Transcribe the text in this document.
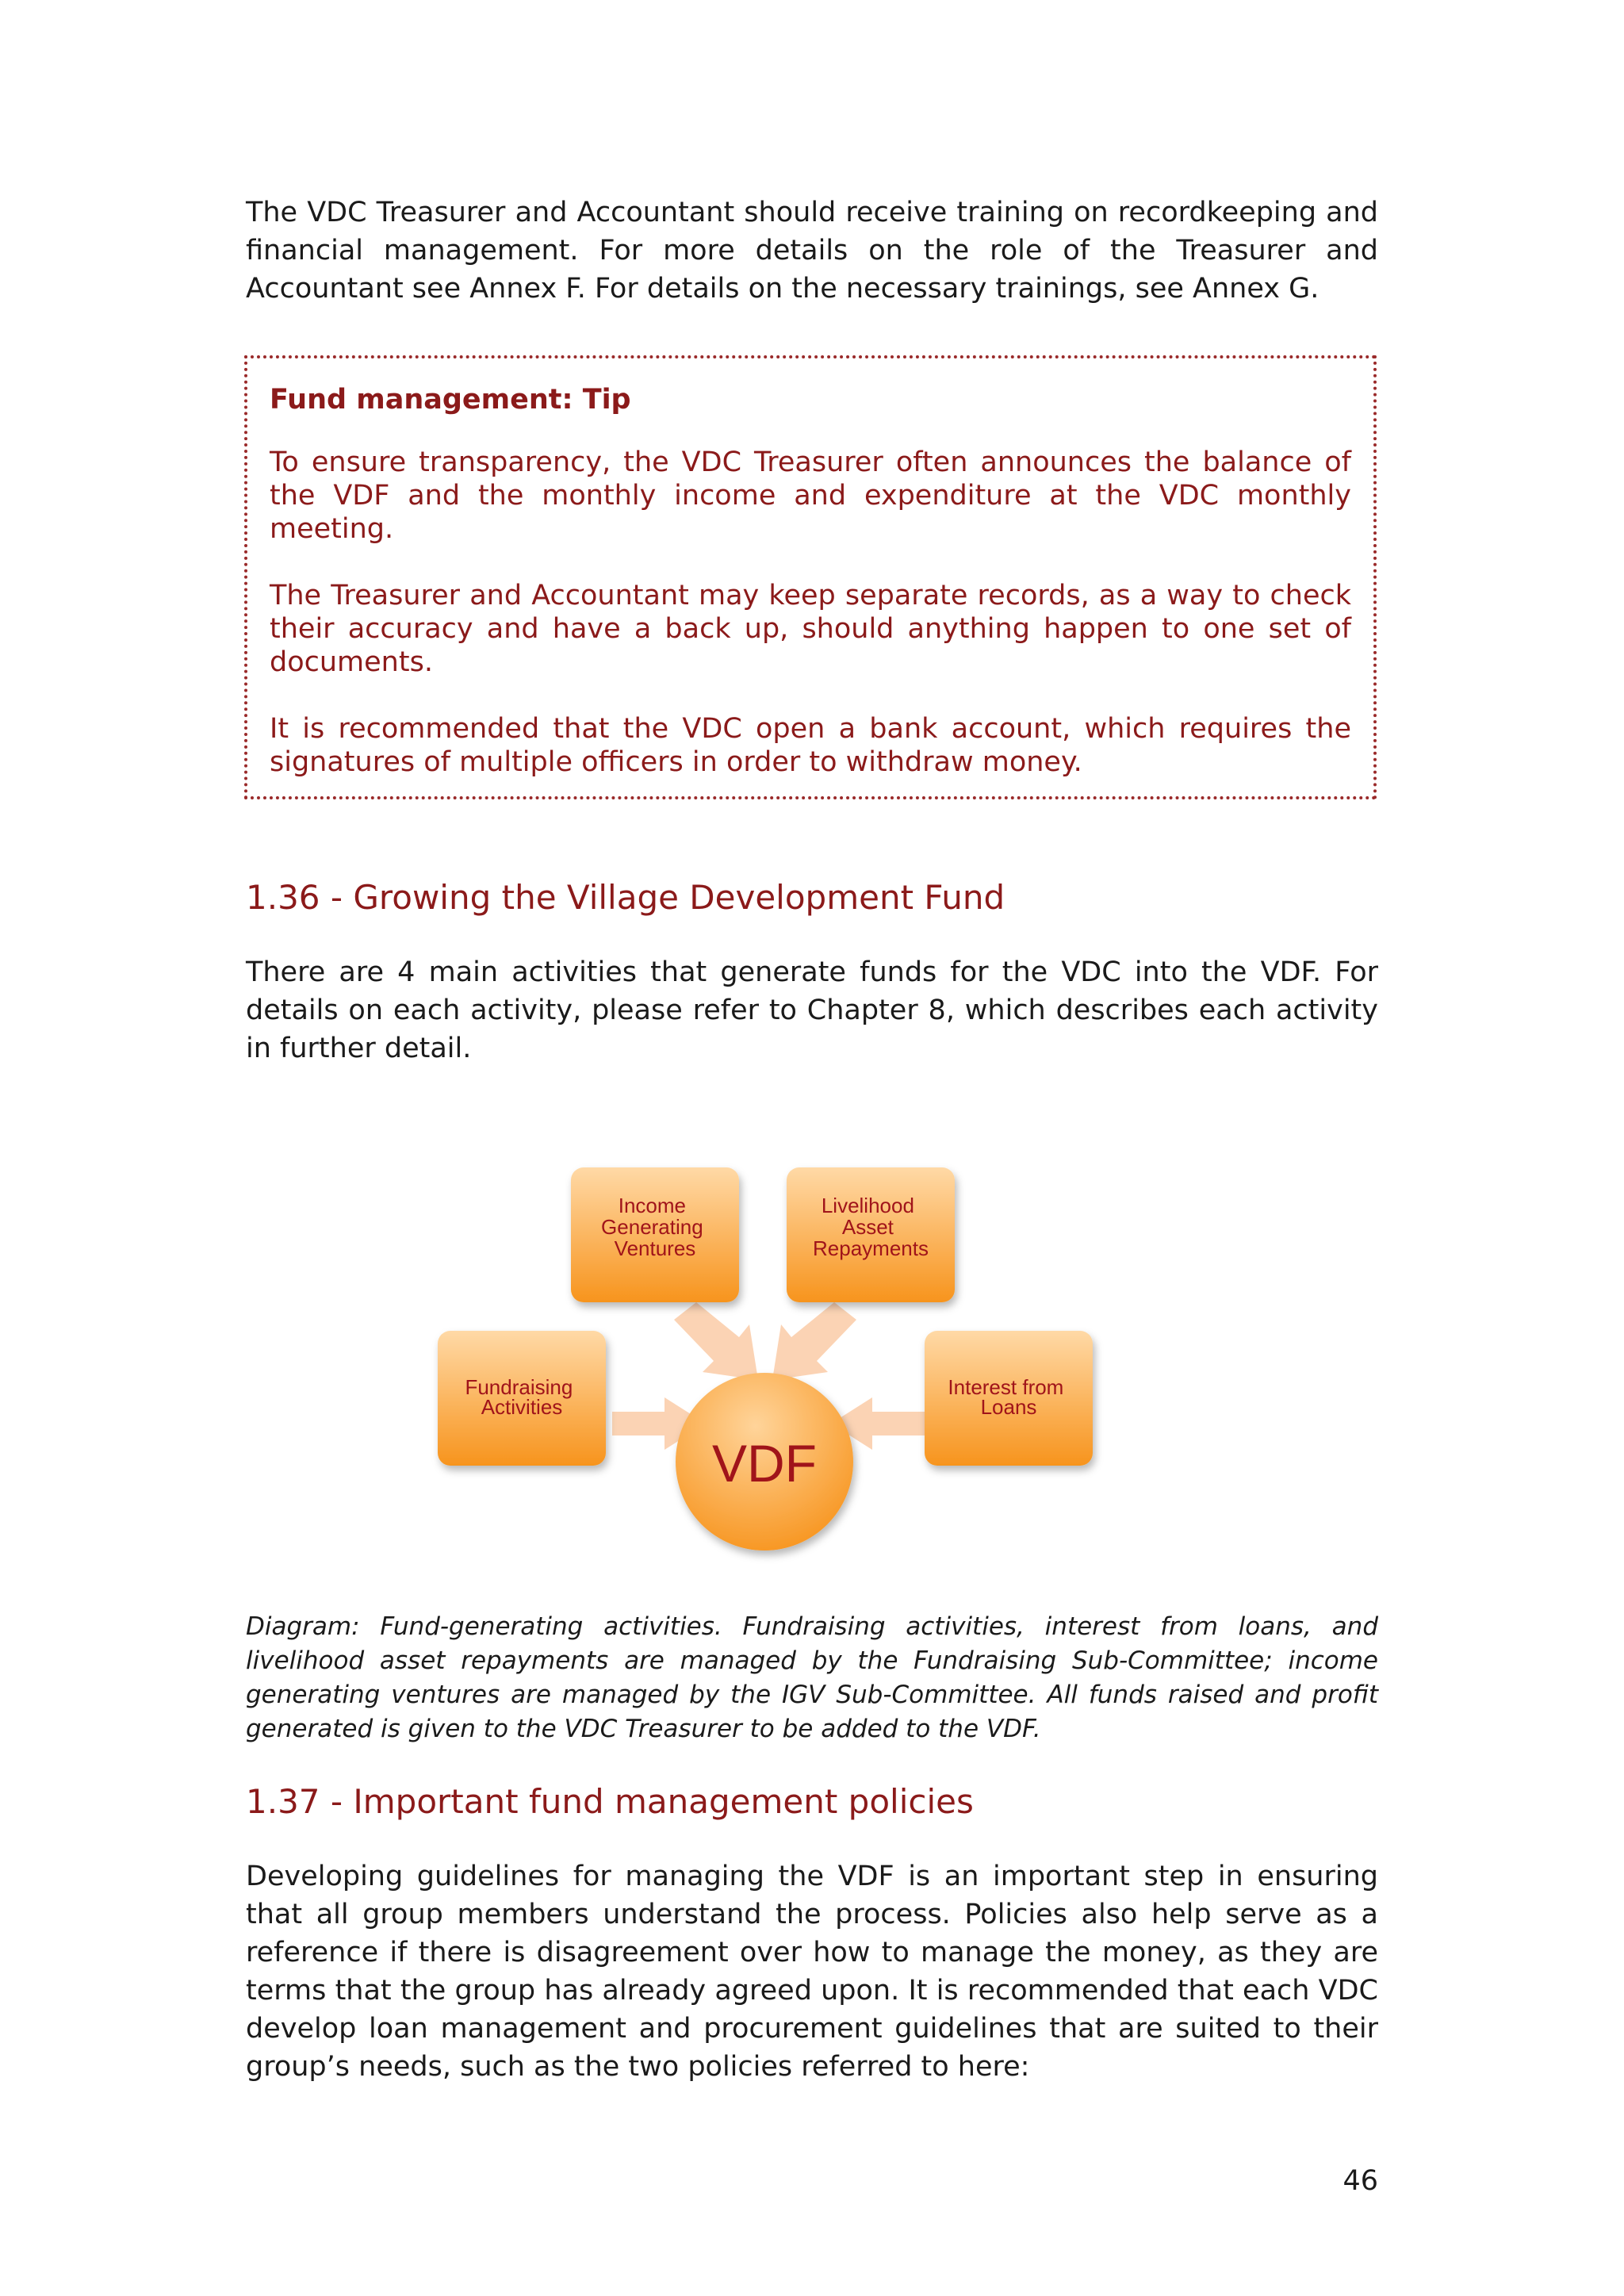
The VDC Treasurer and Accountant should receive training on recordkeeping and financial management. For more details on the role of the Treasurer and Accountant see Annex F. For details on the necessary trainings, see Annex G.

Fund management: Tip

To ensure transparency, the VDC Treasurer often announces the balance of the VDF and the monthly income and expenditure at the VDC monthly meeting.

The Treasurer and Accountant may keep separate records, as a way to check their accuracy and have a back up, should anything happen to one set of documents.

It is recommended that the VDC open a bank account, which requires the signatures of multiple officers in order to withdraw money.

1.36 - Growing the Village Development Fund

There are 4 main activities that generate funds for the VDC into the VDF. For details on each activity, please refer to Chapter 8, which describes each activity in further detail.

Income Generating Ventures
Livelihood Asset Repayments
Fundraising Activities
Interest from Loans
VDF

Diagram: Fund-generating activities. Fundraising activities, interest from loans, and livelihood asset repayments are managed by the Fundraising Sub-Committee; income generating ventures are managed by the IGV Sub-Committee. All funds raised and profit generated is given to the VDC Treasurer to be added to the VDF.

1.37 - Important fund management policies

Developing guidelines for managing the VDF is an important step in ensuring that all group members understand the process. Policies also help serve as a reference if there is disagreement over how to manage the money, as they are terms that the group has already agreed upon. It is recommended that each VDC develop loan management and procurement guidelines that are suited to their group’s needs, such as the two policies referred to here:

46
